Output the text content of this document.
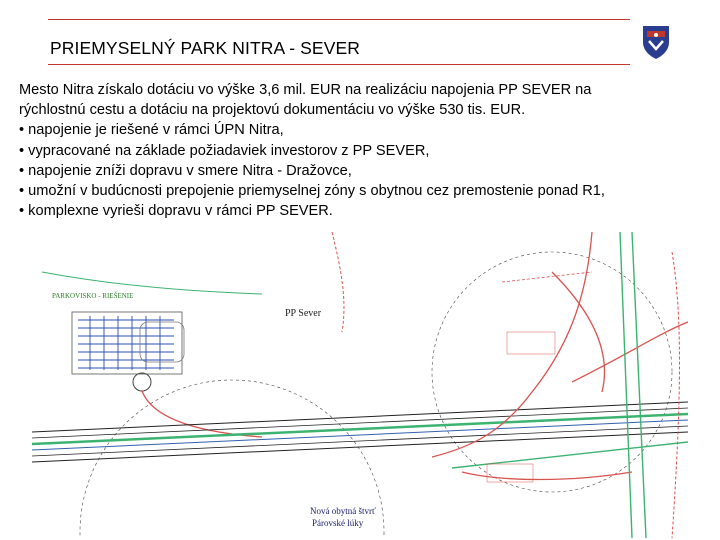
PRIEMYSELNÝ PARK NITRA - SEVER
Mesto Nitra získalo dotáciu vo výške 3,6 mil. EUR na realizáciu napojenia PP SEVER na
rýchlostnú cestu a dotáciu na projektovú dokumentáciu vo výške 530 tis. EUR.
• napojenie je riešené v rámci ÚPN Nitra,
• vypracované na základe požiadaviek investorov z PP SEVER,
• napojenie zníži dopravu v smere Nitra - Dražovce,
• umožní v budúcnosti prepojenie priemyselnej zóny s obytnou cez premostenie ponad R1,
• komplexne vyrieši dopravu v rámci PP SEVER.
PARKOVISKO - RIEŠENIE
PP Sever
Nová obytná štvrť
Párovské lúky
